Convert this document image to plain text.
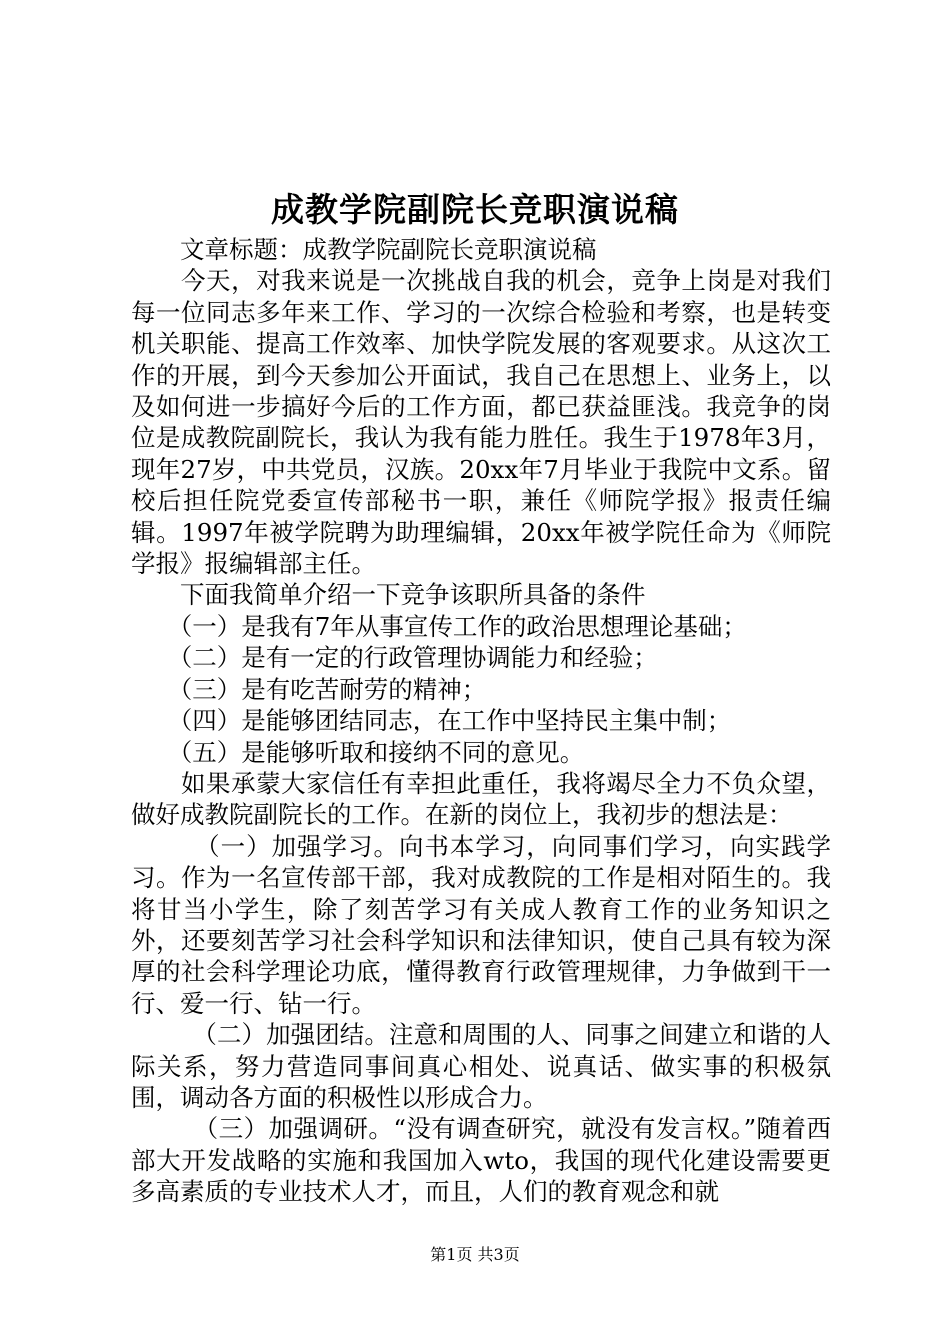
成教学院副院长竞职演说稿

　　文章标题：成教学院副院长竞职演说稿

　　今天，对我来说是一次挑战自我的机会，竞争上岗是对我们每一位同志多年来工作、学习的一次综合检验和考察，也是转变机关职能、提高工作效率、加快学院发展的客观要求。从这次工作的开展，到今天参加公开面试，我自己在思想上、业务上，以及如何进一步搞好今后的工作方面，都已获益匪浅。我竞争的岗位是成教院副院长，我认为我有能力胜任。我生于1978年3月，现年27岁，中共党员，汉族。20xx年7月毕业于我院中文系。留校后担任院党委宣传部秘书一职，兼任《师院学报》报责任编辑。1997年被学院聘为助理编辑，20xx年被学院任命为《师院学报》报编辑部主任。

　　下面我简单介绍一下竞争该职所具备的条件

　　（一）是我有7年从事宣传工作的政治思想理论基础；

　　（二）是有一定的行政管理协调能力和经验；

　　（三）是有吃苦耐劳的精神；

　　（四）是能够团结同志，在工作中坚持民主集中制；

　　（五）是能够听取和接纳不同的意见。

　　如果承蒙大家信任有幸担此重任，我将竭尽全力不负众望，做好成教院副院长的工作。在新的岗位上，我初步的想法是：

　　　（一）加强学习。向书本学习，向同事们学习，向实践学习。作为一名宣传部干部，我对成教院的工作是相对陌生的。我将甘当小学生，除了刻苦学习有关成人教育工作的业务知识之外，还要刻苦学习社会科学知识和法律知识，使自己具有较为深厚的社会科学理论功底，懂得教育行政管理规律，力争做到干一行、爱一行、钻一行。

　　　（二）加强团结。注意和周围的人、同事之间建立和谐的人际关系，努力营造同事间真心相处、说真话、做实事的积极氛围，调动各方面的积极性以形成合力。

　　　（三）加强调研。“没有调查研究，就没有发言权。”随着西部大开发战略的实施和我国加入wto，我国的现代化建设需要更多高素质的专业技术人才，而且，人们的教育观念和就

第1页 共3页
